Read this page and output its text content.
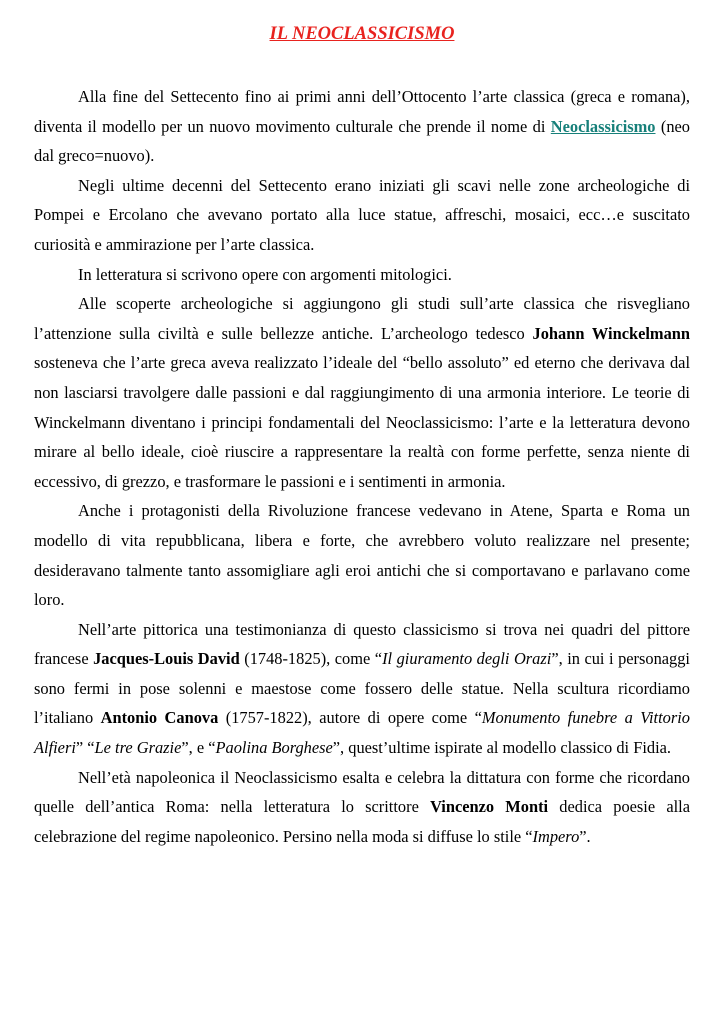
IL NEOCLASSICISMO

Alla fine del Settecento fino ai primi anni dell’Ottocento l’arte classica (greca e romana), diventa il modello per un nuovo movimento culturale che prende il nome di Neoclassicismo (neo dal greco=nuovo).

Negli ultime decenni del Settecento erano iniziati gli scavi nelle zone archeologiche di Pompei e Ercolano che avevano portato alla luce statue, affreschi, mosaici, ecc…e suscitato curiosità e ammirazione per l’arte classica.

In letteratura si scrivono opere con argomenti mitologici.

Alle scoperte archeologiche si aggiungono gli studi sull’arte classica che risvegliano l’attenzione sulla civiltà e sulle bellezze antiche. L’archeologo tedesco Johann Winckelmann sosteneva che l’arte greca aveva realizzato l’ideale del “bello assoluto” ed eterno che derivava dal non lasciarsi travolgere dalle passioni e dal raggiungimento di una armonia interiore. Le teorie di Winckelmann diventano i principi fondamentali del Neoclassicismo: l’arte e la letteratura devono mirare al bello ideale, cioè riuscire a rappresentare la realtà con forme perfette, senza niente di eccessivo, di grezzo, e trasformare le passioni e i sentimenti in armonia.

Anche i protagonisti della Rivoluzione francese vedevano in Atene, Sparta e Roma un modello di vita repubblicana, libera e forte, che avrebbero voluto realizzare nel presente; desideravano talmente tanto assomigliare agli eroi antichi che si comportavano e parlavano come loro.

Nell’arte pittorica una testimonianza di questo classicismo si trova nei quadri del pittore francese Jacques-Louis David (1748-1825), come “Il giuramento degli Orazi”, in cui i personaggi sono fermi in pose solenni e maestose come fossero delle statue. Nella scultura ricordiamo l’italiano Antonio Canova (1757-1822), autore di opere come “Monumento funebre a Vittorio Alfieri” “Le tre Grazie”, e “Paolina Borghese”, quest’ultime ispirate al modello classico di Fidia.

Nell’età napoleonica il Neoclassicismo esalta e celebra la dittatura con forme che ricordano quelle dell’antica Roma: nella letteratura lo scrittore Vincenzo Monti dedica poesie alla celebrazione del regime napoleonico. Persino nella moda si diffuse lo stile “Impero”.
